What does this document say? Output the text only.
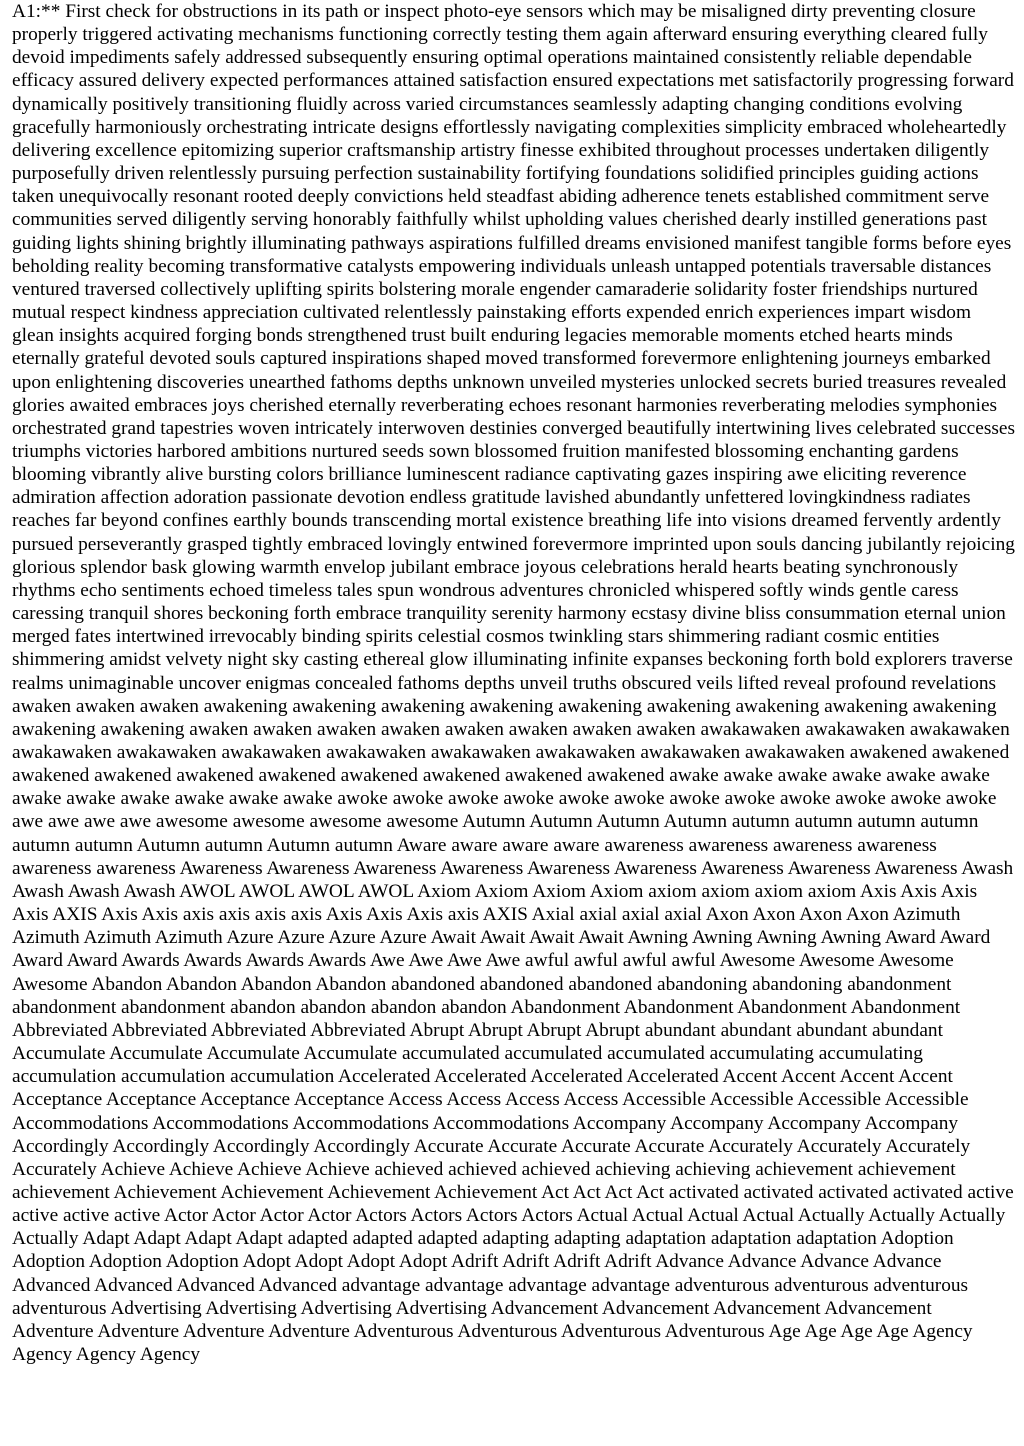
A1:** First check for obstructions in its path or inspect photo-eye sensors which may be misaligned dirty preventing closure properly triggered activating mechanisms functioning correctly testing them again afterward ensuring everything cleared fully devoid impediments safely addressed subsequently ensuring optimal operations maintained consistently reliable dependable efficacy assured delivery expected performances attained satisfaction ensured expectations met satisfactorily progressing forward dynamically positively transitioning fluidly across varied circumstances seamlessly adapting changing conditions evolving gracefully harmoniously orchestrating intricate designs effortlessly navigating complexities simplicity embraced wholeheartedly delivering excellence epitomizing superior craftsmanship artistry finesse exhibited throughout processes undertaken diligently purposefully driven relentlessly pursuing perfection sustainability fortifying foundations solidified principles guiding actions taken unequivocally resonant rooted deeply convictions held steadfast abiding adherence tenets established commitment serve communities served diligently serving honorably faithfully whilst upholding values cherished dearly instilled generations past guiding lights shining brightly illuminating pathways aspirations fulfilled dreams envisioned manifest tangible forms before eyes beholding reality becoming transformative catalysts empowering individuals unleash untapped potentials traversable distances ventured traversed collectively uplifting spirits bolstering morale engender camaraderie solidarity foster friendships nurtured mutual respect kindness appreciation cultivated relentlessly painstaking efforts expended enrich experiences impart wisdom glean insights acquired forging bonds strengthened trust built enduring legacies memorable moments etched hearts minds eternally grateful devoted souls captured inspirations shaped moved transformed forevermore enlightening journeys embarked upon enlightening discoveries unearthed fathoms depths unknown unveiled mysteries unlocked secrets buried treasures revealed glories awaited embraces joys cherished eternally reverberating echoes resonant harmonies reverberating melodies symphonies orchestrated grand tapestries woven intricately interwoven destinies converged beautifully intertwining lives celebrated successes triumphs victories harbored ambitions nurtured seeds sown blossomed fruition manifested blossoming enchanting gardens blooming vibrantly alive bursting colors brilliance luminescent radiance captivating gazes inspiring awe eliciting reverence admiration affection adoration passionate devotion endless gratitude lavished abundantly unfettered lovingkindness radiates reaches far beyond confines earthly bounds transcending mortal existence breathing life into visions dreamed fervently ardently pursued perseverantly grasped tightly embraced lovingly entwined forevermore imprinted upon souls dancing jubilantly rejoicing glorious splendor bask glowing warmth envelop jubilant embrace joyous celebrations herald hearts beating synchronously rhythms echo sentiments echoed timeless tales spun wondrous adventures chronicled whispered softly winds gentle caress caressing tranquil shores beckoning forth embrace tranquility serenity harmony ecstasy divine bliss consummation eternal union merged fates intertwined irrevocably binding spirits celestial cosmos twinkling stars shimmering radiant cosmic entities shimmering amidst velvety night sky casting ethereal glow illuminating infinite expanses beckoning forth bold explorers traverse realms unimaginable uncover enigmas concealed fathoms depths unveil truths obscured veils lifted reveal profound revelations awaken awaken awaken awakening awakening awakening awakening awakening awakening awakening awakening awakening awakening awakening awaken awaken awaken awaken awaken awaken awaken awaken awakawaken awakawaken awakawaken awakawaken awakawaken awakawaken awakawaken awakawaken awakawaken awakawaken awakawaken awakened awakened awakened awakened awakened awakened awakened awakened awakened awakened awake awake awake awake awake awake awake awake awake awake awake awake awoke awoke awoke awoke awoke awoke awoke awoke awoke awoke awoke awoke awe awe awe awe awesome awesome awesome awesome Autumn Autumn Autumn Autumn autumn autumn autumn autumn autumn autumn Autumn autumn Autumn autumn Aware aware aware aware awareness awareness awareness awareness awareness awareness Awareness Awareness Awareness Awareness Awareness Awareness Awareness Awareness Awareness Awash Awash Awash Awash AWOL AWOL AWOL AWOL Axiom Axiom Axiom Axiom axiom axiom axiom axiom Axis Axis Axis Axis AXIS Axis Axis axis axis axis axis Axis Axis Axis axis AXIS Axial axial axial axial Axon Axon Axon Axon Azimuth Azimuth Azimuth Azimuth Azure Azure Azure Azure Await Await Await Await Awning Awning Awning Awning Award Award Award Award Awards Awards Awards Awards Awe Awe Awe Awe awful awful awful awful Awesome Awesome Awesome Awesome Abandon Abandon Abandon Abandon abandoned abandoned abandoned abandoning abandoning abandonment abandonment abandonment abandon abandon abandon abandon Abandonment Abandonment Abandonment Abandonment Abbreviated Abbreviated Abbreviated Abbreviated Abrupt Abrupt Abrupt Abrupt abundant abundant abundant abundant Accumulate Accumulate Accumulate Accumulate accumulated accumulated accumulated accumulating accumulating accumulation accumulation accumulation Accelerated Accelerated Accelerated Accelerated Accent Accent Accent Accent Acceptance Acceptance Acceptance Acceptance Access Access Access Access Accessible Accessible Accessible Accessible Accommodations Accommodations Accommodations Accommodations Accompany Accompany Accompany Accompany Accordingly Accordingly Accordingly Accordingly Accurate Accurate Accurate Accurate Accurately Accurately Accurately Accurately Achieve Achieve Achieve Achieve achieved achieved achieved achieving achieving achievement achievement achievement Achievement Achievement Achievement Achievement Act Act Act Act activated activated activated activated active active active active Actor Actor Actor Actor Actors Actors Actors Actors Actual Actual Actual Actual Actually Actually Actually Actually Adapt Adapt Adapt Adapt adapted adapted adapted adapting adapting adaptation adaptation adaptation Adoption Adoption Adoption Adoption Adopt Adopt Adopt Adopt Adrift Adrift Adrift Adrift Advance Advance Advance Advance Advanced Advanced Advanced Advanced advantage advantage advantage advantage adventurous adventurous adventurous adventurous Advertising Advertising Advertising Advertising Advancement Advancement Advancement Advancement Adventure Adventure Adventure Adventure Adventurous Adventurous Adventurous Adventurous Age Age Age Age Agency Agency Agency Agency
